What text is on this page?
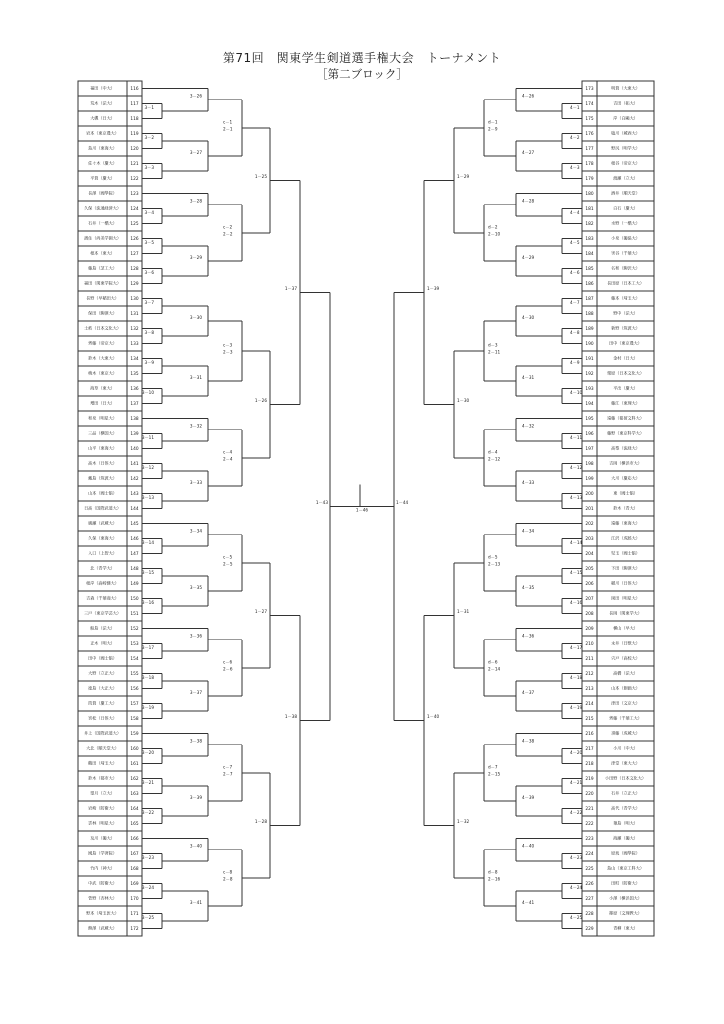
第71回　関東学生剣道選手権大会　トーナメント
［第二ブロック］
福田（中大）	116
荒木（法大）	117
大槻（日大）	118
岩本（東京農大）	119
島川（東海大）	120
佐々木（慶大）	121
平賀（慶大）	122
長澤（國學院）	123
久保（流通経済大） 124
石井（一橋大）	125
濱住（尚美学園大） 126
根本（東大）	127
藤島（芝工大）	128
福田（関東学院大） 129
長野（早稲田大）	130
保田（駒澤大）	131
土岐（日本文化大） 132
齊藤（帝京大）	133
鈴木（大東大）	134
梅木（東京大）	135
海草（東大）	136
増田（日大）	137
和泉（明星大）	138
三品（横国大）	139
山平（東海大）	140
高木（日体大）	141
藏島（筑波大）	142
山本（國士舘）	143
日高（国際武道大） 144
廣瀬（武蔵大）	145
久保（東海大）	146
入口（上智大）	147
北（青学大）	148
根岸（高崎健大）	149
吉森（千葉商大）	150
三戸（東京学芸大） 151
船島（法大）	152
正木（明大）	153
田中（國士舘）	154
大野（立正大）	155
徳島（大正大）	156
筒賀（慶工大）	157
宮松（日体大）	158
井上（国際武道大） 159
大北（順天堂大）	160
鶴田（埼玉大）	161
鈴木（都市大）	162
望月（立大）	163
岩崎（防衛大）	164
雲林（明星大）	165
及川（獨大）	166
國島（学習院）	167
竹内（神大）	168
中武（防衛大）	169
菅野（杏林大）	170
野本（埼玉医大）	171
熊澤（武蔵大）	172
173	明賀（大東大）
174	吉田（拓大）
175	岸（白鷗大）
176	塩川（城西大）
177	野尻（明学大）
178	根谷（帝京大）
179	渡瀬（立大）
180	酒井（順天堂）
181	白石（慶大）
182	水野（一橋大）
183	小泉（獨協大）
184	実谷（千葉大）
185	名和（駒沢大）
186	長田原（日本工大）
187	藤本（埼玉大）
188	野中（法大）
189	新野（筑波大）
190	田中（東京農大）
191	金村（日大）
192	栗原（日本文化大）
193	平出（慶大）
194	藤江（東理大）
195	遠藤（都留文科大）
196	藤野（東京科学大）
197	高梨（流経大）
198	吉岡（横浜市大）
199	大川（慶応大）
200	東（國士舘）
201	鈴木（青大）
202	遠藤（東海大）
203	江沢（成蹊大）
204	児玉（國士舘）
205	下田（駒澤大）
206	稲川（日体大）
207	岡田（明星大）
208	長岡（関東学大）
209	横山（早大）
210	永井（日獣大）
211	宍戸（高校大）
212	高橋（法大）
213	山本（創価大）
214	津田（文京大）
215	齊藤（千葉工大）
216	須藤（成城大）
217	小川（中大）
218	津堂（東大大）
219	小田野（日本文化大）
220	石井（立正大）
221	高代（青学大）
222	葉島（明大）
223	海瀬（獨大）
224	原坂（國學院）
225	島山（東京工科大）
226	田町（防衛大）
227	小澤（横浜国大）
228	篠原（文理教大）
229	青柳（東大）
3－1
3－2
3－3
3－4
3－5
3－6
3－7
3－8
3－9
3－10
3－11
3－12
3－13
3－14
3－15
3－16
3－17
3－18
3－19
3－20
3－21
3－22
3－23
3－24
3－25
3－26
3－27
3－28
3－29
3－30
3－31
3－32
3－33
3－34
3－35
3－36
3－37
3－38
3－39
3－40
3－41
c－1
2－1
c－2
2－2
c－3
2－3
c－4
2－4
c－5
2－5
c－6
2－6
c－7
2－7
c－8
2－8
1－25
1－26
1－27
1－28
1－37
1－38
1－43
4－1
4－2
4－3
4－4
4－5
4－6
4－7
4－8
4－9
4－10
4－11
4－12
4－13
4－14
4－15
4－16
4－17
4－18
4－19
4－20
4－21
4－22
4－23
4－24
4－25
4－26
4－27
4－28
4－29
4－30
4－31
4－32
4－33
4－34
4－35
4－36
4－37
4－38
4－39
4－40
4－41
d－1
2－9
d－2
2－10
d－3
2－11
d－4
2－12
d－5
2－13
d－6
2－14
d－7
2－15
d－8
2－16
1－29
1－30
1－31
1－32
1－39
1－40
1－44
1－46
